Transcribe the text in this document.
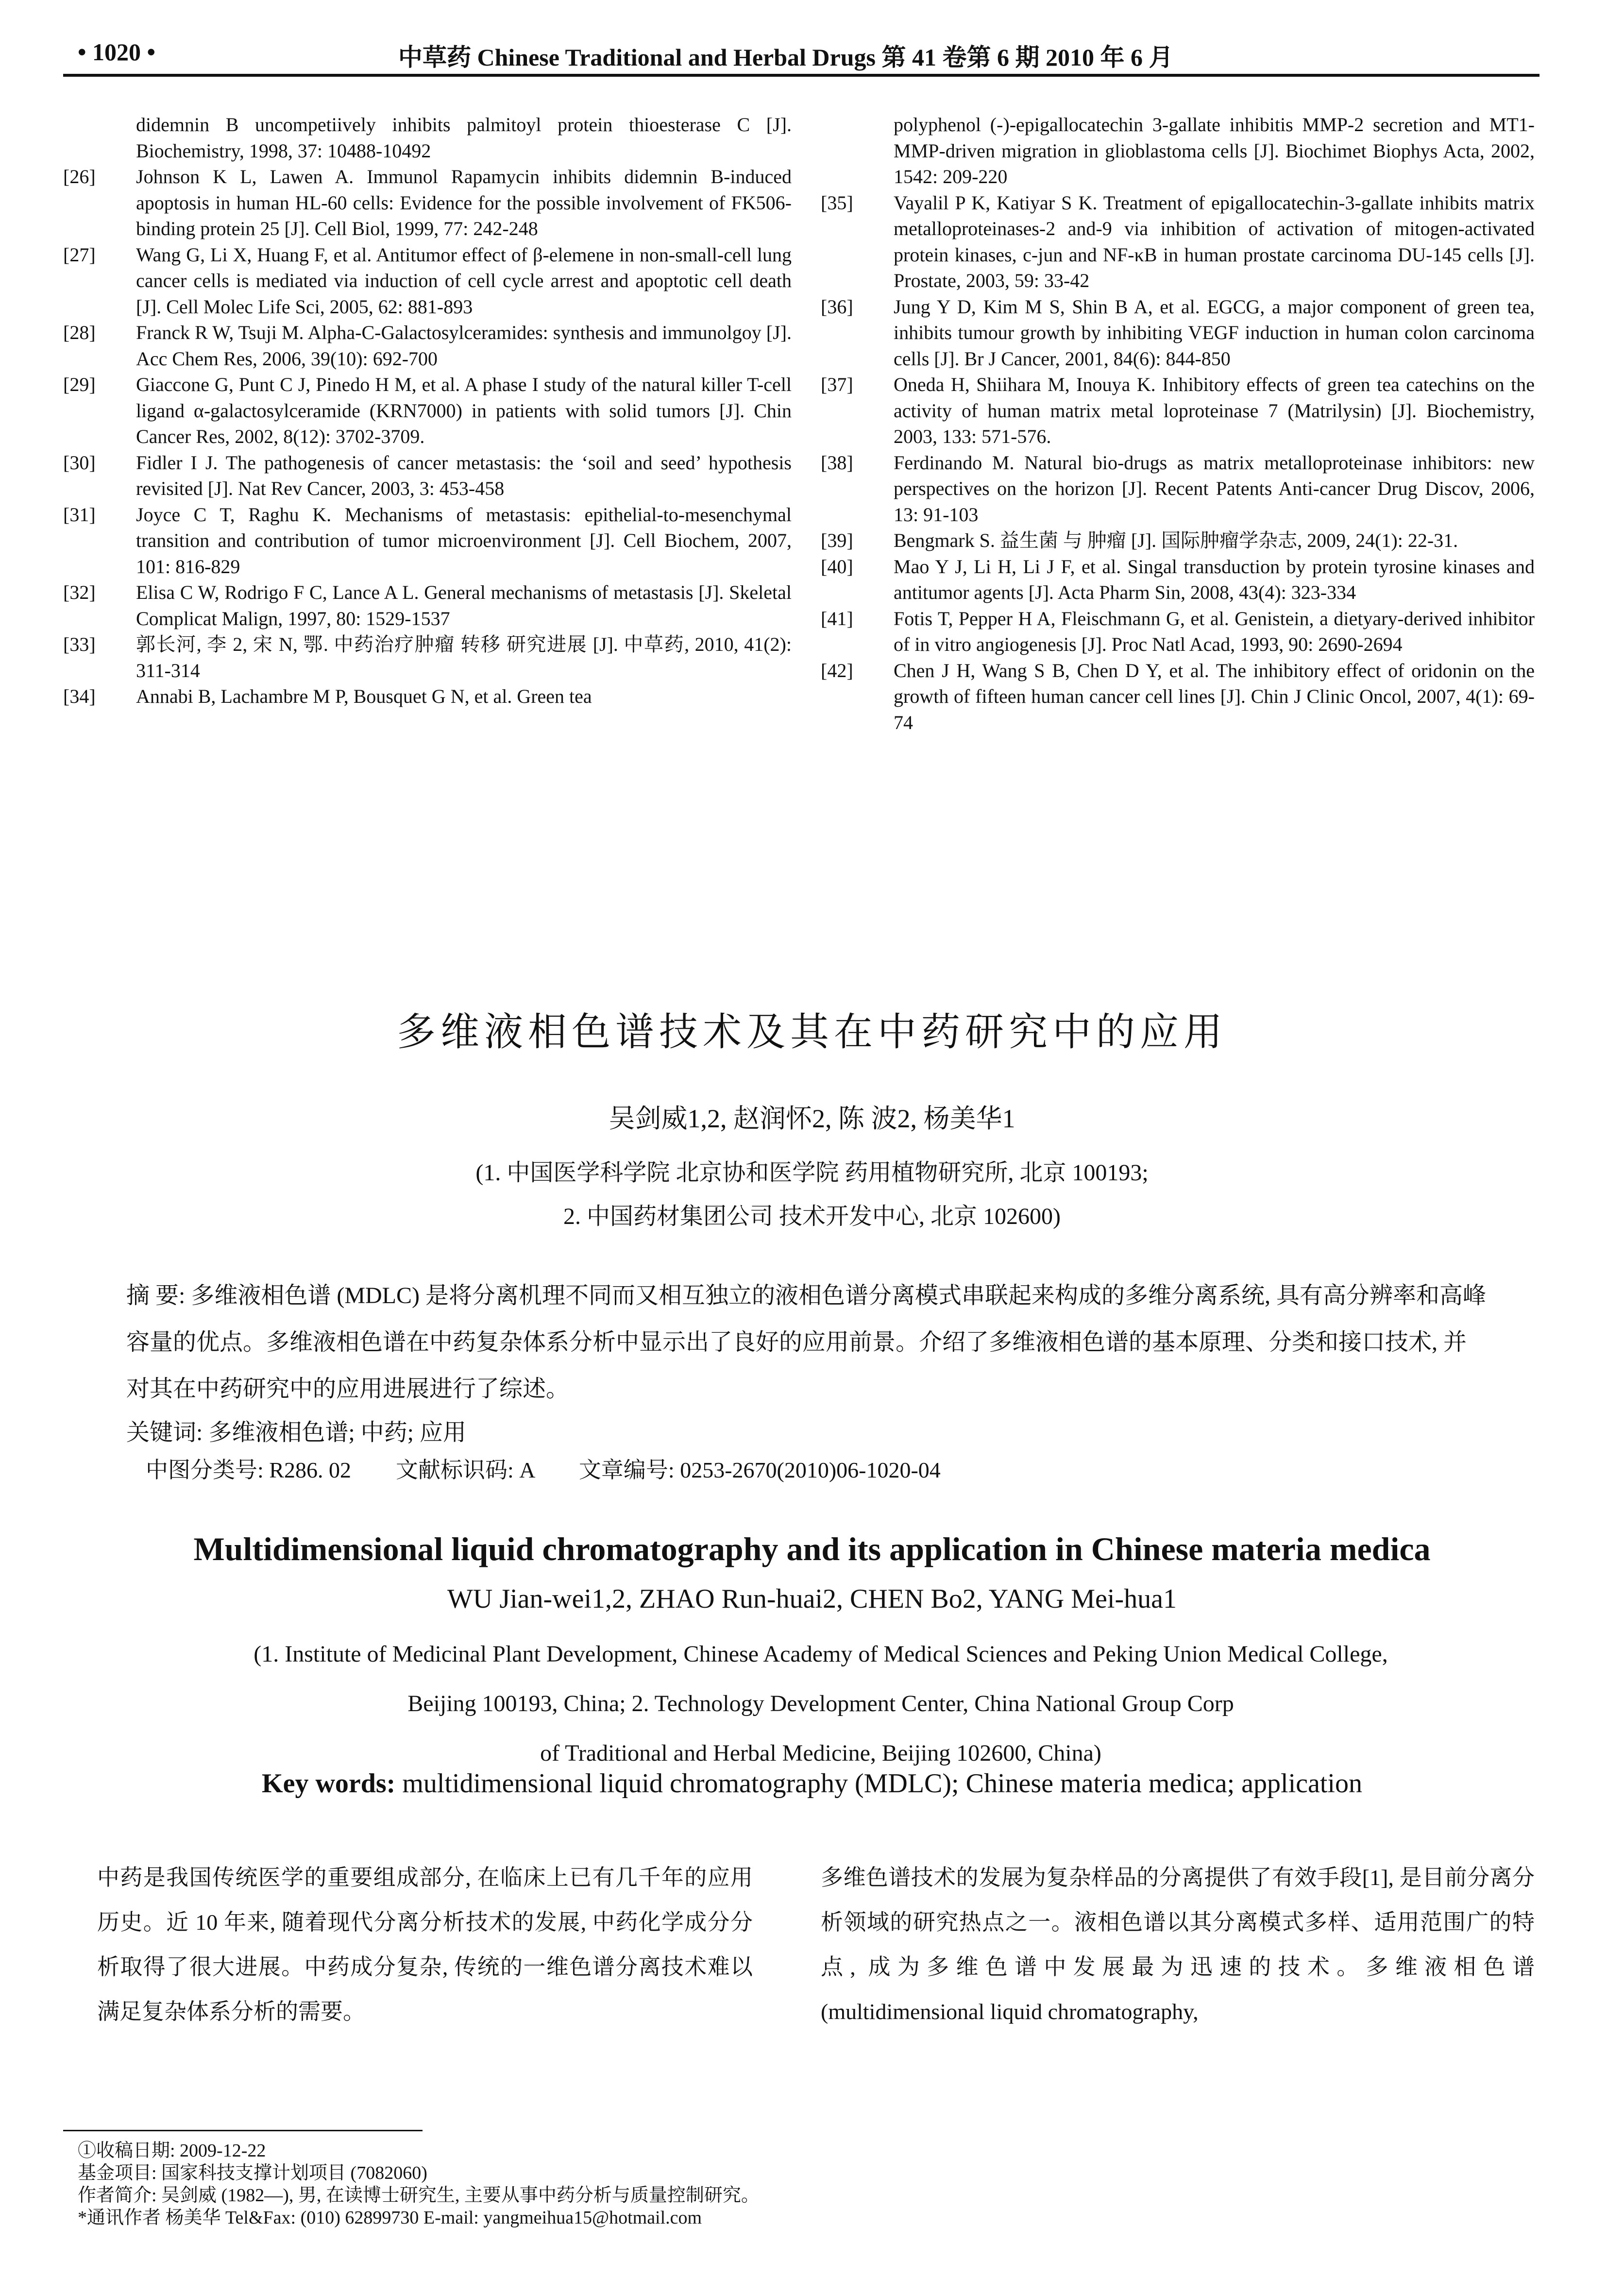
• 1020 •	中草药 Chinese Traditional and Herbal Drugs 第 41 卷第 6 期 2010 年 6 月

didemnin B uncompetiively inhibits palmitoyl protein thioesterase C [J]. Biochemistry, 1998, 37: 10488-10492

[26] Johnson K L, Lawen A. Immunol Rapamycin inhibits didemnin B-induced apoptosis in human HL-60 cells: Evidence for the possible involvement of FK506-binding protein 25 [J]. Cell Biol, 1999, 77: 242-248

[27] Wang G, Li X, Huang F, et al. Antitumor effect of β-elemene in non-small-cell lung cancer cells is mediated via induction of cell cycle arrest and apoptotic cell death [J]. Cell Molec Life Sci, 2005, 62: 881-893

[28] Franck R W, Tsuji M. Alpha-C-Galactosylceramides: synthesis and immunolgoy [J]. Acc Chem Res, 2006, 39(10): 692-700

[29] Giaccone G, Punt C J, Pinedo H M, et al. A phase I study of the natural killer T-cell ligand α-galactosylceramide (KRN7000) in patients with solid tumors [J]. Chin Cancer Res, 2002, 8(12): 3702-3709.

[30] Fidler I J. The pathogenesis of cancer metastasis: the ‘soil and seed’ hypothesis revisited [J]. Nat Rev Cancer, 2003, 3: 453-458

[31] Joyce C T, Raghu K. Mechanisms of metastasis: epithelial-to-mesenchymal transition and contribution of tumor microenvironment [J]. Cell Biochem, 2007, 101: 816-829

[32] Elisa C W, Rodrigo F C, Lance A L. General mechanisms of metastasis [J]. Skeletal Complicat Malign, 1997, 80: 1529-1537

[33] 郭长河, 李 2, 宋 N, 鄂. 中药治疗肿瘤 转移 研究进展 [J]. 中草药, 2010, 41(2): 311-314

[34] Annabi B, Lachambre M P, Bousquet G N, et al. Green tea

polyphenol (-)-epigallocatechin 3-gallate inhibitis MMP-2 secretion and MT1-MMP-driven migration in glioblastoma cells [J]. Biochimet Biophys Acta, 2002, 1542: 209-220

[35] Vayalil P K, Katiyar S K. Treatment of epigallocatechin-3-gallate inhibits matrix metalloproteinases-2 and-9 via inhibition of activation of mitogen-activated protein kinases, c-jun and NF-κB in human prostate carcinoma DU-145 cells [J]. Prostate, 2003, 59: 33-42

[36] Jung Y D, Kim M S, Shin B A, et al. EGCG, a major component of green tea, inhibits tumour growth by inhibiting VEGF induction in human colon carcinoma cells [J]. Br J Cancer, 2001, 84(6): 844-850

[37] Oneda H, Shiihara M, Inouya K. Inhibitory effects of green tea catechins on the activity of human matrix metal loproteinase 7 (Matrilysin) [J]. Biochemistry, 2003, 133: 571-576.

[38] Ferdinando M. Natural bio-drugs as matrix metalloproteinase inhibitors: new perspectives on the horizon [J]. Recent Patents Anti-cancer Drug Discov, 2006, 13: 91-103

[39] Bengmark S. 益生菌 与 肿瘤 [J]. 国际肿瘤学杂志, 2009, 24(1): 22-31.

[40] Mao Y J, Li H, Li J F, et al. Singal transduction by protein tyrosine kinases and antitumor agents [J]. Acta Pharm Sin, 2008, 43(4): 323-334

[41] Fotis T, Pepper H A, Fleischmann G, et al. Genistein, a dietyary-derived inhibitor of in vitro angiogenesis [J]. Proc Natl Acad, 1993, 90: 2690-2694

[42] Chen J H, Wang S B, Chen D Y, et al. The inhibitory effect of oridonin on the growth of fifteen human cancer cell lines [J]. Chin J Clinic Oncol, 2007, 4(1): 69-74

多维液相色谱技术及其在中药研究中的应用
吴剑威1,2, 赵润怀2, 陈 波2, 杨美华1
(1. 中国医学科学院 北京协和医学院 药用植物研究所, 北京 100193;
2. 中国药材集团公司 技术开发中心, 北京 102600)
摘 要: 多维液相色谱 (MDLC) 是将分离机理不同而又相互独立的液相色谱分离模式串联起来构成的多维分离系统, 具有高分辨率和高峰容量的优点。多维液相色谱在中药复杂体系分析中显示出了良好的应用前景。介绍了多维液相色谱的基本原理、分类和接口技术, 并对其在中药研究中的应用进展进行了综述。
关键词: 多维液相色谱; 中药; 应用
中图分类号: R286. 02        文献标识码: A        文章编号: 0253-2670(2010)06-1020-04
Multidimensional liquid chromatography and its application in Chinese materia medica
WU Jian-wei1,2, ZHAO Run-huai2, CHEN Bo2, YANG Mei-hua1
(1. Institute of Medicinal Plant Development, Chinese Academy of Medical Sciences and Peking Union Medical College,
Beijing 100193, China; 2. Technology Development Center, China National Group Corp
of Traditional and Herbal Medicine, Beijing 102600, China)
Key words: multidimensional liquid chromatography (MDLC); Chinese materia medica; application
中药是我国传统医学的重要组成部分, 在临床上已有几千年的应用历史。近 10 年来, 随着现代分离分析技术的发展, 中药化学成分分析取得了很大进展。中药成分复杂, 传统的一维色谱分离技术难以满足复杂体系分析的需要。
多维色谱技术的发展为复杂样品的分离提供了有效手段[1], 是目前分离分析领域的研究热点之一。液相色谱以其分离模式多样、适用范围广的特点, 成为多维色谱中发展最为迅速的技术。多维液相色谱 (multidimensional liquid chromatography,
①收稿日期: 2009-12-22
基金项目: 国家科技支撑计划项目 (7082060)
作者简介: 吴剑威 (1982—), 男, 在读博士研究生, 主要从事中药分析与质量控制研究。
*通讯作者 杨美华 Tel&Fax: (010) 62899730 E-mail: yangmeihua15@hotmail.com
